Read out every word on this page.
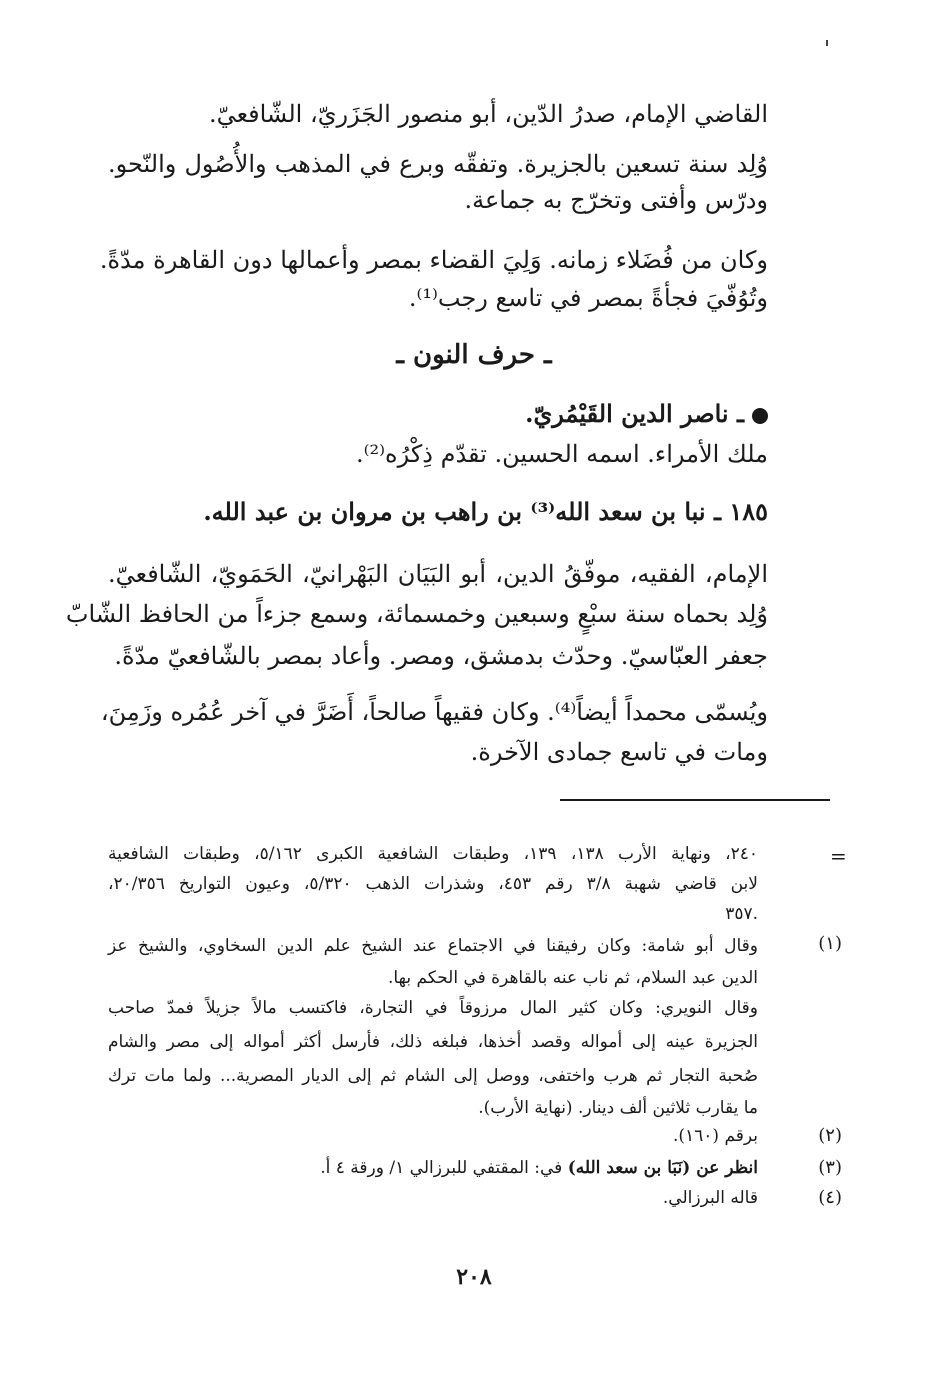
القاضي الإمام، صدرُ الدّين، أبو منصور الجَزَريّ، الشّافعيّ.
وُلِد سنة تسعين بالجزيرة. وتفقّه وبرع في المذهب والأُصُول والنّحو.
ودرّس وأفتى وتخرّج به جماعة.
وكان من فُضَلاء زمانه. وَلِيَ القضاء بمصر وأعمالها دون القاهرة مدّةً.
وتُوُفّيَ فجأةً بمصر في تاسع رجب⁽¹⁾.
ـ حرف النون ـ
ـ ناصر الدين القَيْمُريّ.
ملك الأمراء. اسمه الحسين. تقدّم ذِكْرُه⁽²⁾.
١٨٥ ـ نبا بن سعد الله⁽³⁾ بن راهب بن مروان بن عبد الله.
الإمام، الفقيه، موفّقُ الدين، أبو البَيَان البَهْرانيّ، الحَمَويّ، الشّافعيّ.
وُلِد بحماه سنة سبْعٍ وسبعين وخمسمائة، وسمع جزءاً من الحافظ الشّابّ
جعفر العبّاسيّ. وحدّث بدمشق، ومصر. وأعاد بمصر بالشّافعيّ مدّةً.
ويُسمّى محمداً أيضاً⁽⁴⁾. وكان فقيهاً صالحاً، أَضَرَّ في آخر عُمُره وزَمِنَ،
ومات في تاسع جمادى الآخرة.
=
٢٤٠، ونهاية الأرب ١٣٨، ١٣٩، وطبقات الشافعية الكبرى ٥/١٦٢، وطبقات الشافعية
لابن قاضي شهبة ٣/٨ رقم ٤٥٣، وشذرات الذهب ٥/٣٢٠، وعيون التواريخ ٢٠/٣٥٦،
٣٥٧.
(١)
وقال أبو شامة: وكان رفيقنا في الاجتماع عند الشيخ علم الدين السخاوي، والشيخ عز
الدين عبد السلام، ثم ناب عنه بالقاهرة في الحكم بها.
وقال النويري: وكان كثير المال مرزوقاً في التجارة، فاكتسب مالاً جزيلاً فمدّ صاحب
الجزيرة عينه إلى أمواله وقصد أخذها، فبلغه ذلك، فأرسل أكثر أمواله إلى مصر والشام
صُحبة التجار ثم هرب واختفى، ووصل إلى الشام ثم إلى الديار المصرية... ولما مات ترك
ما يقارب ثلاثين ألف دينار. (نهاية الأرب).
(٢)
برقم (١٦٠).
(٣)
انظر عن (نَبَا بن سعد الله) في: المقتفي للبرزالي ١/ ورقة ٤ أ.
(٤)
قاله البرزالي.
٢٠٨
